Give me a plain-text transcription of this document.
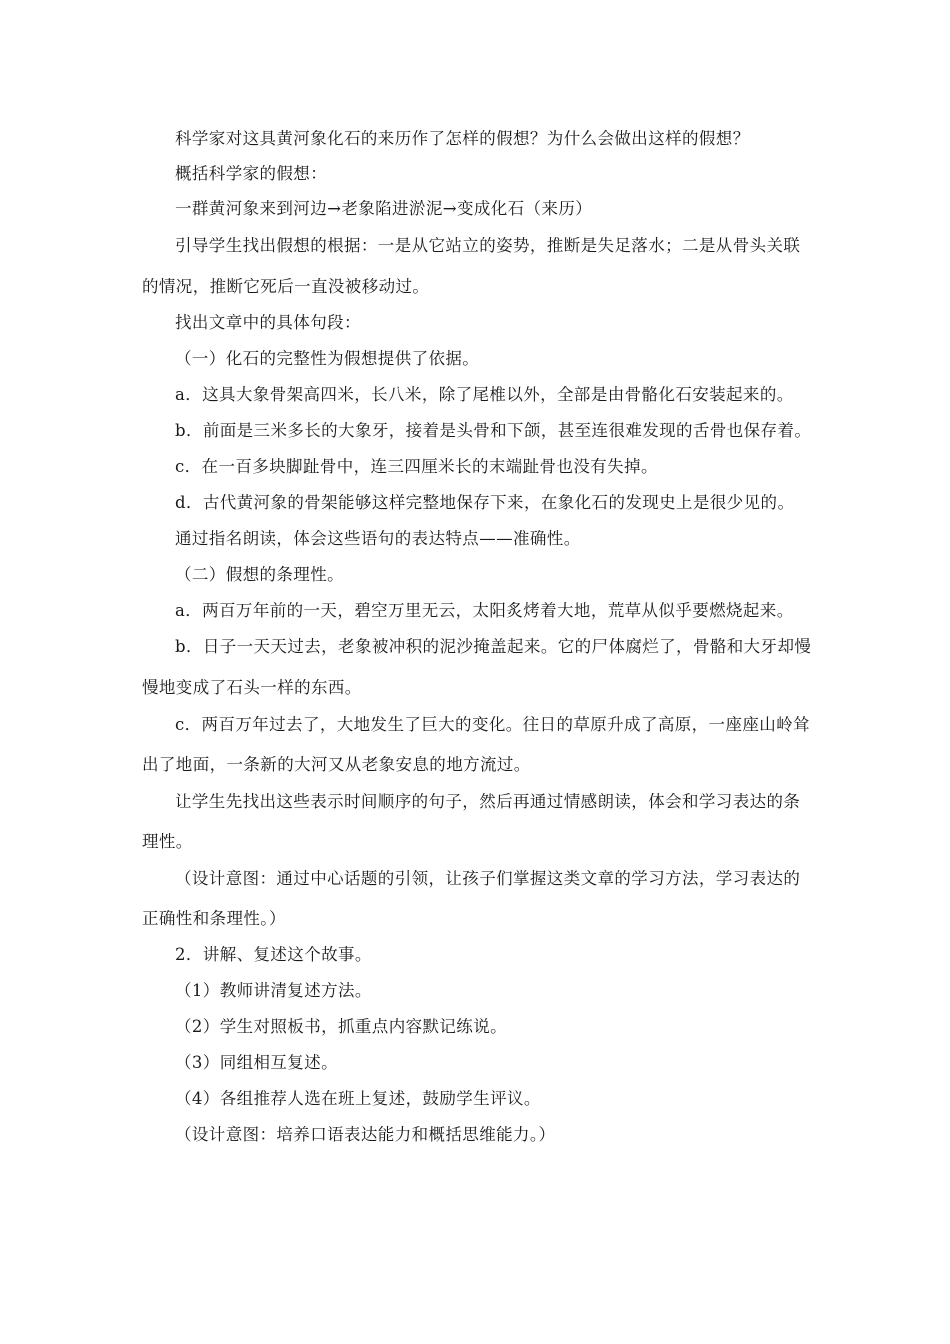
科学家对这具黄河象化石的来历作了怎样的假想？为什么会做出这样的假想？
概括科学家的假想：
一群黄河象来到河边→老象陷进淤泥→变成化石（来历）
引导学生找出假想的根据：一是从它站立的姿势，推断是失足落水；二是从骨头关联
的情况，推断它死后一直没被移动过。
找出文章中的具体句段：
（一）化石的完整性为假想提供了依据。
a．这具大象骨架高四米，长八米，除了尾椎以外，全部是由骨骼化石安装起来的。
b．前面是三米多长的大象牙，接着是头骨和下颌，甚至连很难发现的舌骨也保存着。
c．在一百多块脚趾骨中，连三四厘米长的末端趾骨也没有失掉。
d．古代黄河象的骨架能够这样完整地保存下来，在象化石的发现史上是很少见的。
通过指名朗读，体会这些语句的表达特点——准确性。
（二）假想的条理性。
a．两百万年前的一天，碧空万里无云，太阳炙烤着大地，荒草从似乎要燃烧起来。
b．日子一天天过去，老象被冲积的泥沙掩盖起来。它的尸体腐烂了，骨骼和大牙却慢
慢地变成了石头一样的东西。
c．两百万年过去了，大地发生了巨大的变化。往日的草原升成了高原，一座座山岭耸
出了地面，一条新的大河又从老象安息的地方流过。
让学生先找出这些表示时间顺序的句子，然后再通过情感朗读，体会和学习表达的条
理性。
（设计意图：通过中心话题的引领，让孩子们掌握这类文章的学习方法，学习表达的
正确性和条理性。）
2．讲解、复述这个故事。
（1）教师讲清复述方法。
（2）学生对照板书，抓重点内容默记练说。
（3）同组相互复述。
（4）各组推荐人选在班上复述，鼓励学生评议。
（设计意图：培养口语表达能力和概括思维能力。）
